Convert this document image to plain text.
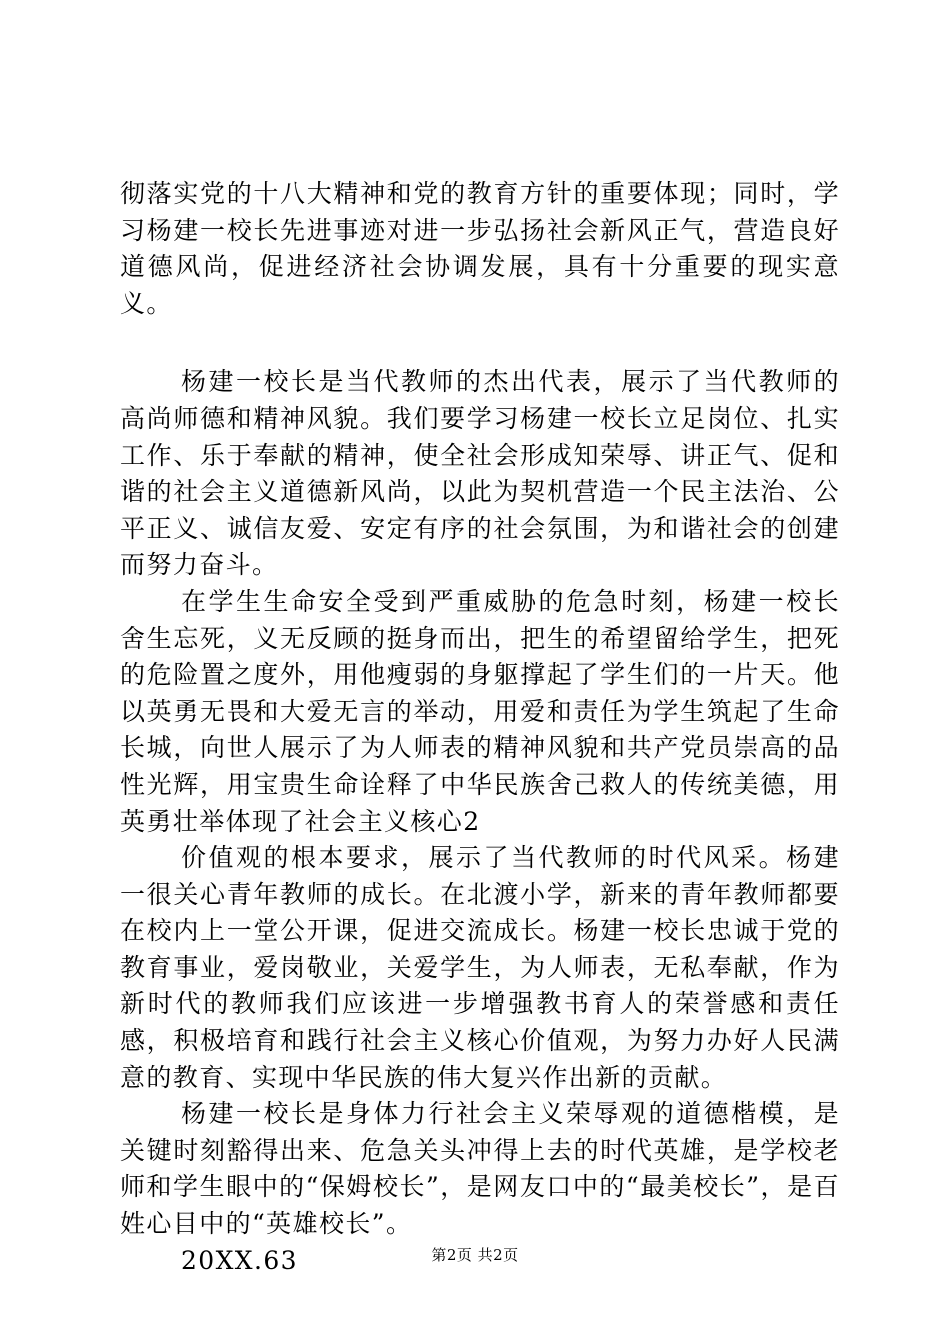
彻落实党的十八大精神和党的教育方针的重要体现；同时，学习杨建一校长先进事迹对进一步弘扬社会新风正气，营造良好道德风尚，促进经济社会协调发展，具有十分重要的现实意义。

杨建一校长是当代教师的杰出代表，展示了当代教师的高尚师德和精神风貌。我们要学习杨建一校长立足岗位、扎实工作、乐于奉献的精神，使全社会形成知荣辱、讲正气、促和谐的社会主义道德新风尚，以此为契机营造一个民主法治、公平正义、诚信友爱、安定有序的社会氛围，为和谐社会的创建而努力奋斗。

在学生生命安全受到严重威胁的危急时刻，杨建一校长舍生忘死，义无反顾的挺身而出，把生的希望留给学生，把死的危险置之度外，用他瘦弱的身躯撑起了学生们的一片天。他以英勇无畏和大爱无言的举动，用爱和责任为学生筑起了生命长城，向世人展示了为人师表的精神风貌和共产党员崇高的品性光辉，用宝贵生命诠释了中华民族舍己救人的传统美德，用英勇壮举体现了社会主义核心2

价值观的根本要求，展示了当代教师的时代风采。杨建一很关心青年教师的成长。在北渡小学，新来的青年教师都要在校内上一堂公开课，促进交流成长。杨建一校长忠诚于党的教育事业，爱岗敬业，关爱学生，为人师表，无私奉献，作为新时代的教师我们应该进一步增强教书育人的荣誉感和责任感，积极培育和践行社会主义核心价值观，为努力办好人民满意的教育、实现中华民族的伟大复兴作出新的贡献。

杨建一校长是身体力行社会主义荣辱观的道德楷模，是关键时刻豁得出来、危急关头冲得上去的时代英雄，是学校老师和学生眼中的“保姆校长”，是网友口中的“最美校长”，是百姓心目中的“英雄校长”。

20XX.63	第2页 共2页
